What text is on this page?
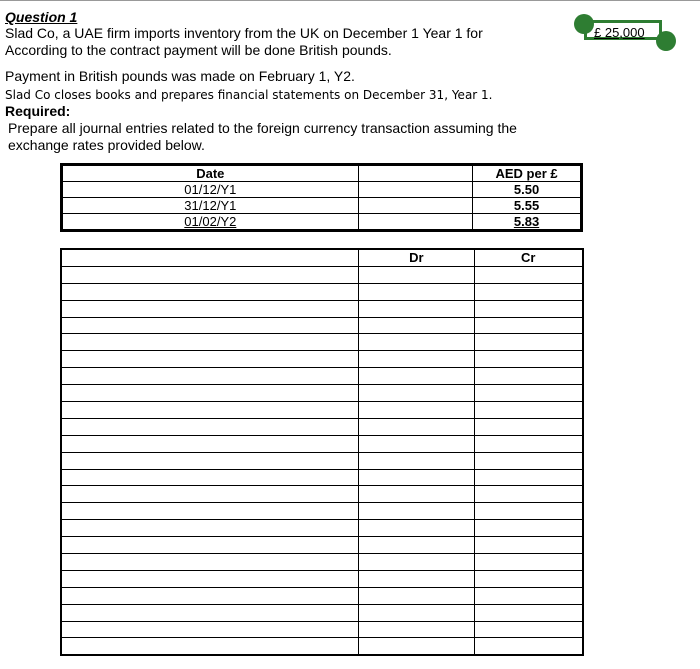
Question 1
Slad Co, a UAE firm imports inventory from the UK on December 1 Year 1 for
According to the contract payment will be done British pounds.
Payment in British pounds was made on February 1, Y2.
Slad Co closes books and prepares financial statements on December 31, Year 1.
Required:
Prepare all journal entries related to the foreign currency transaction assuming the
exchange rates provided below.
£ 25,000
Date		AED per £
01/12/Y1		5.50
31/12/Y1		5.55
01/02/Y2		5.83
	Dr	Cr
